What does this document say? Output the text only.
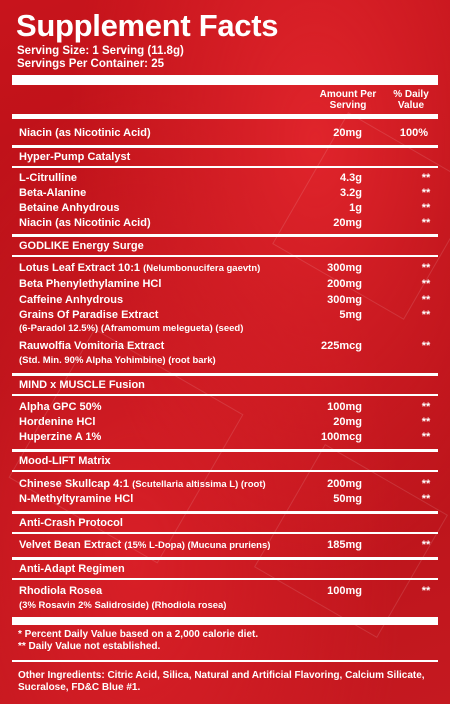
Supplement Facts
Serving Size: 1 Serving (11.8g)
Servings Per Container: 25
Amount Per
Serving
% Daily
Value
Niacin (as Nicotinic Acid)	20mg	100%
Hyper-Pump Catalyst
L-Citrulline	4.3g	**
Beta-Alanine	3.2g	**
Betaine Anhydrous	1g	**
Niacin (as Nicotinic Acid)	20mg	**
GODLIKE Energy Surge
Lotus Leaf Extract 10:1 (Nelumbonucifera gaevtn)	300mg	**
Beta Phenylethylamine HCl	200mg	**
Caffeine Anhydrous	300mg	**
Grains Of Paradise Extract	5mg	**
(6-Paradol 12.5%) (Aframomum melegueta) (seed)
Rauwolfia Vomitoria Extract	225mcg	**
(Std. Min. 90% Alpha Yohimbine) (root bark)
MIND x MUSCLE Fusion
Alpha GPC 50%	100mg	**
Hordenine HCl	20mg	**
Huperzine A 1%	100mcg	**
Mood-LIFT Matrix
Chinese Skullcap 4:1 (Scutellaria altissima L) (root)	200mg	**
N-Methyltyramine HCl	50mg	**
Anti-Crash Protocol
Velvet Bean Extract (15% L-Dopa) (Mucuna pruriens)	185mg	**
Anti-Adapt Regimen
Rhodiola Rosea	100mg	**
(3% Rosavin 2% Salidroside) (Rhodiola rosea)
* Percent Daily Value based on a 2,000 calorie diet.
** Daily Value not established.
Other Ingredients: Citric Acid, Silica, Natural and Artificial Flavoring, Calcium Silicate, Sucralose, FD&C Blue #1.
